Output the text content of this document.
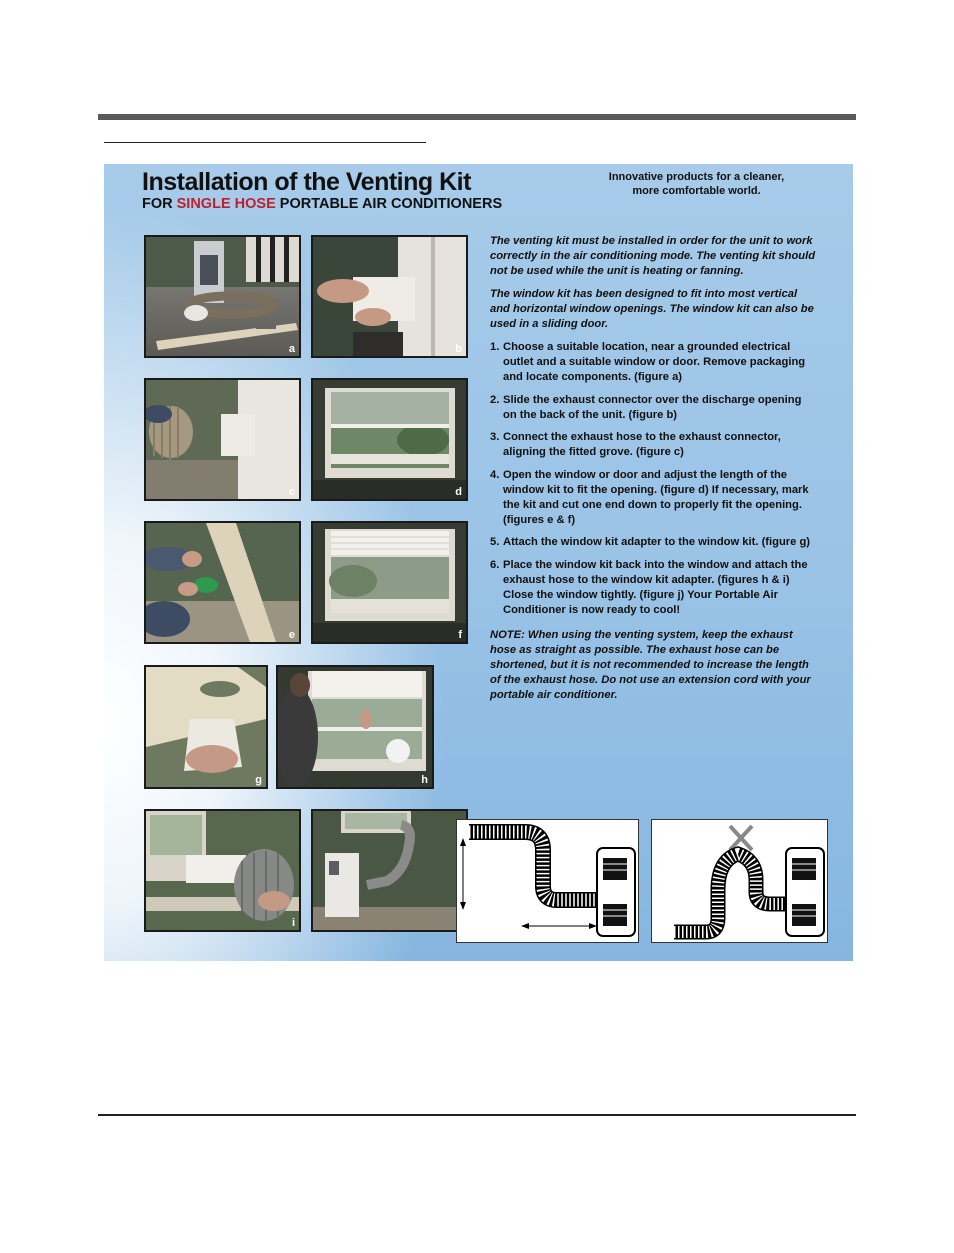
Installation of the Venting Kit
FOR SINGLE HOSE PORTABLE AIR CONDITIONERS
Innovative products for a cleaner,
more comfortable world.
a	b
c	d
e	f
g	h
i

The venting kit must be installed in order for the unit to work correctly in the air conditioning mode. The venting kit should not be used while the unit is heating or fanning.

The window kit has been designed to fit into most vertical and horizontal window openings. The window kit can also be used in a sliding door.

1. Choose a suitable location, near a grounded electrical outlet and a suitable window or door. Remove packaging and locate components. (figure a)
2. Slide the exhaust connector over the discharge opening on the back of the unit. (figure b)
3. Connect the exhaust hose to the exhaust connector, aligning the fitted grove. (figure c)
4. Open the window or door and adjust the length of the window kit to fit the opening. (figure d) If necessary, mark the kit and cut one end down to properly fit the opening. (figures e & f)
5. Attach the window kit adapter to the window kit. (figure g)
6. Place the window kit back into the window and attach the exhaust hose to the window kit adapter. (figures h & i) Close the window tightly. (figure j) Your Portable Air Conditioner is now ready to cool!

NOTE: When using the venting system, keep the exhaust hose as straight as possible. The exhaust hose can be shortened, but it is not recommended to increase the length of the exhaust hose. Do not use an extension cord with your portable air conditioner.
